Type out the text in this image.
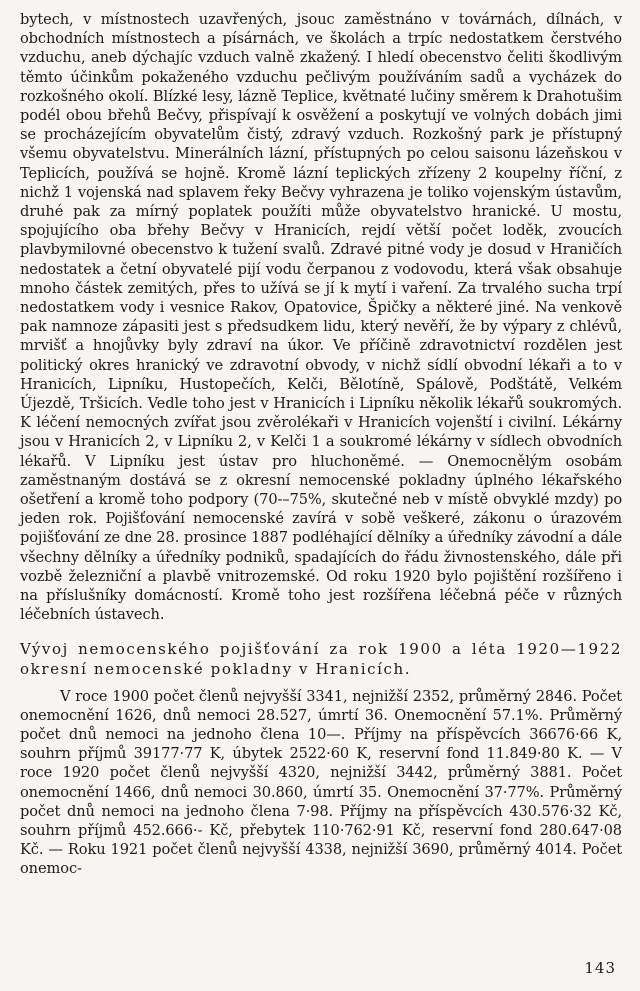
bytech, v místnostech uzavřených, jsouc zaměstnáno v továrnách, dílnách, v obchodních místnostech a písárnách, ve školách a trpíc nedostatkem čerstvého vzduchu, aneb dýchajíc vzduch valně zkažený. I hledí obecenstvo čeliti škodlivým těmto účinkům pokaženého vzduchu pečlivým používáním sadů a vycházek do rozkošného okolí. Blízké lesy, lázně Teplice, květnaté lučiny směrem k Drahotušim podél obou břehů Bečvy, přispívají k osvěžení a poskytují ve volných dobách jimi se procházejícím obyvatelům čistý, zdravý vzduch. Rozkošný park je přístupný všemu obyvatelstvu. Minerálních lázní, přístupných po celou saisonu lázeňskou v Teplicích, používá se hojně. Kromě lázní teplických zřízeny 2 koupelny říční, z nichž 1 vojenská nad splavem řeky Bečvy vyhrazena je toliko vojenským ústavům, druhé pak za mírný poplatek použíti může obyvatelstvo hranické. U mostu, spojujícího oba břehy Bečvy v Hranicích, rejdí větší počet loděk, zvoucích plavbymilovné obecenstvo k tužení svalů. Zdravé pitné vody je dosud v Hraničích nedostatek a četní obyvatelé pijí vodu čerpanou z vodovodu, která však obsahuje mnoho částek zemitých, přes to užívá se jí k mytí i vaření. Za trvalého sucha trpí nedostatkem vody i vesnice Rakov, Opatovice, Špičky a některé jiné. Na venkově pak namnoze zápasiti jest s předsudkem lidu, který nevěří, že by výpary z chlévů, mrvišť a hnojůvky byly zdraví na úkor. Ve příčině zdravotnictví rozdělen jest politický okres hranický ve zdravotní obvody, v nichž sídlí obvodní lékaři a to v Hranicích, Lipníku, Hustopečích, Kelči, Bělotíně, Spálově, Podštátě, Velkém Újezdě, Tršicích. Vedle toho jest v Hranicích i Lipníku několik lékařů soukromých. K léčení nemocných zvířat jsou zvěrolékaři v Hranicích vojenští i civilní. Lékárny jsou v Hranicích 2, v Lipníku 2, v Kelči 1 a soukromé lékárny v sídlech obvodních lékařů. V Lipníku jest ústav pro hluchoněmé. — Onemocnělým osobám zaměstnaným dostává se z okresní nemocenské pokladny úplného lékařského ošetření a kromě toho podpory (70-–75%, skutečné neb v místě obvyklé mzdy) po jeden rok. Pojišťování nemocenské zavírá v sobě veškeré, zákonu o úrazovém pojišťování ze dne 28. prosince 1887 podléhající dělníky a úředníky závodní a dále všechny dělníky a úředníky podniků, spadajících do řádu živnostenského, dále při vozbě železniční a plavbě vnitrozemské. Od roku 1920 bylo pojištění rozšířeno i na příslušníky domácností. Kromě toho jest rozšířena léčebná péče v různých léčebních ústavech.

Vývoj nemocenského pojišťování za rok 1900 a léta 1920—1922 okresní nemocenské pokladny v Hranicích.

V roce 1900 počet členů nejvyšší 3341, nejnižší 2352, průměrný 2846. Počet onemocnění 1626, dnů nemoci 28.527, úmrtí 36. Onemocnění 57.1%. Průměrný počet dnů nemoci na jednoho člena 10—. Příjmy na příspěvcích 36676·66 K, souhrn příjmů 39177·77 K, úbytek 2522·60 K, reservní fond 11.849·80 K. — V roce 1920 počet členů nejvyšší 4320, nejnižší 3442, průměrný 3881. Počet onemocnění 1466, dnů nemoci 30.860, úmrtí 35. Onemocnění 37·77%. Průměrný počet dnů nemoci na jednoho člena 7·98. Příjmy na příspěvcích 430.576·32 Kč, souhrn příjmů 452.666·- Kč, přebytek 110·762·91 Kč, reservní fond 280.647·08 Kč. — Roku 1921 počet členů nejvyšší 4338, nejnižší 3690, průměrný 4014. Počet onemoc-

143
